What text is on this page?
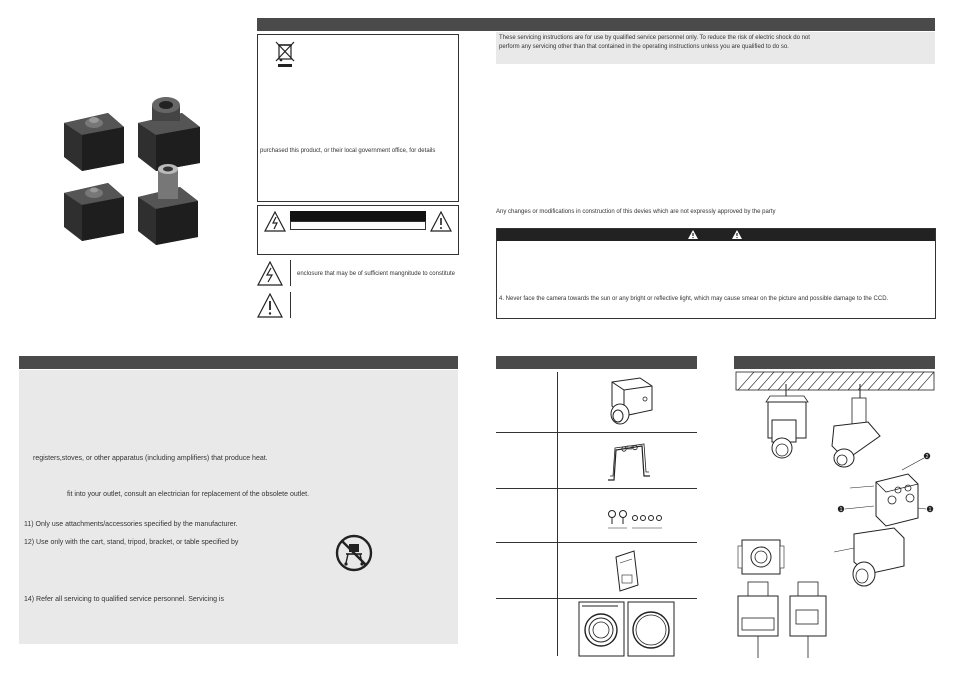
purchased this product, or their local government office, for details
enclosure that may be of sufficient mangnitude to constitute
These servicing instructions are for use by qualified service personnel only. To reduce the risk of electric shock do not
perform any servicing other than that contained in the operating instructions unless you are qualified to do so.
Any changes or modifications in construction of this devies which are not expressly approved by the party
4. Never face the camera towards the sun or any bright or reflective light, which may cause smear on the picture and possible damage to the CCD.
registers,stoves, or other apparatus (including amplifiers) that produce heat.
fit into your outlet, consult an electrician for replacement of the obsolete outlet.
11) Only use attachments/accessories specified by the manufacturer.
12) Use only with the cart, stand, tripod, bracket, or table specified by
14) Refer all servicing to qualified service personnel. Servicing is
2
1	1
